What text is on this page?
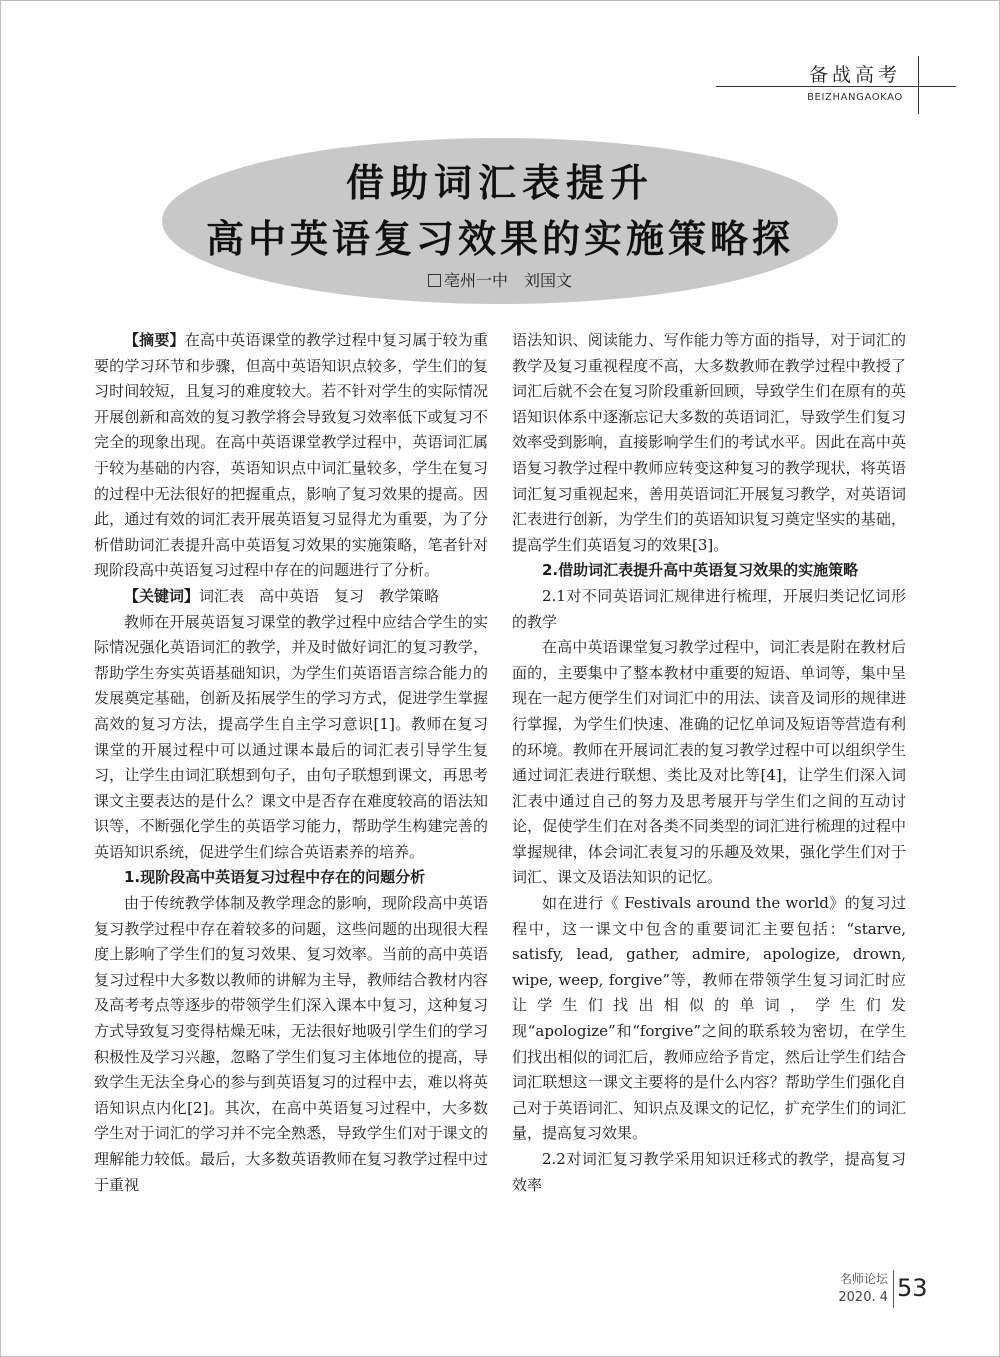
备战高考
BEIZHANGAOKAO
借助词汇表提升
高中英语复习效果的实施策略探
亳州一中　刘国文

【摘要】在高中英语课堂的教学过程中复习属于较为重要的学习环节和步骤，但高中英语知识点较多，学生们的复习时间较短，且复习的难度较大。若不针对学生的实际情况开展创新和高效的复习教学将会导致复习效率低下或复习不完全的现象出现。在高中英语课堂教学过程中，英语词汇属于较为基础的内容，英语知识点中词汇量较多，学生在复习的过程中无法很好的把握重点，影响了复习效果的提高。因此，通过有效的词汇表开展英语复习显得尤为重要，为了分析借助词汇表提升高中英语复习效果的实施策略，笔者针对现阶段高中英语复习过程中存在的问题进行了分析。

【关键词】词汇表　高中英语　复习　教学策略

教师在开展英语复习课堂的教学过程中应结合学生的实际情况强化英语词汇的教学，并及时做好词汇的复习教学，帮助学生夯实英语基础知识，为学生们英语语言综合能力的发展奠定基础，创新及拓展学生的学习方式，促进学生掌握高效的复习方法，提高学生自主学习意识[1]。教师在复习课堂的开展过程中可以通过课本最后的词汇表引导学生复习，让学生由词汇联想到句子，由句子联想到课文，再思考课文主要表达的是什么？课文中是否存在难度较高的语法知识等，不断强化学生的英语学习能力，帮助学生构建完善的英语知识系统，促进学生们综合英语素养的培养。

1.现阶段高中英语复习过程中存在的问题分析

由于传统教学体制及教学理念的影响，现阶段高中英语复习教学过程中存在着较多的问题，这些问题的出现很大程度上影响了学生们的复习效果、复习效率。当前的高中英语复习过程中大多数以教师的讲解为主导，教师结合教材内容及高考考点等逐步的带领学生们深入课本中复习，这种复习方式导致复习变得枯燥无味，无法很好地吸引学生们的学习积极性及学习兴趣，忽略了学生们复习主体地位的提高，导致学生无法全身心的参与到英语复习的过程中去，难以将英语知识点内化[2]。其次，在高中英语复习过程中，大多数学生对于词汇的学习并不完全熟悉，导致学生们对于课文的理解能力较低。最后，大多数英语教师在复习教学过程中过于重视

语法知识、阅读能力、写作能力等方面的指导，对于词汇的教学及复习重视程度不高，大多数教师在教学过程中教授了词汇后就不会在复习阶段重新回顾，导致学生们在原有的英语知识体系中逐渐忘记大多数的英语词汇，导致学生们复习效率受到影响，直接影响学生们的考试水平。因此在高中英语复习教学过程中教师应转变这种复习的教学现状，将英语词汇复习重视起来，善用英语词汇开展复习教学，对英语词汇表进行创新，为学生们的英语知识复习奠定坚实的基础，提高学生们英语复习的效果[3]。

2.借助词汇表提升高中英语复习效果的实施策略
2.1对不同英语词汇规律进行梳理，开展归类记忆词形的教学

在高中英语课堂复习教学过程中，词汇表是附在教材后面的，主要集中了整本教材中重要的短语、单词等，集中呈现在一起方便学生们对词汇中的用法、读音及词形的规律进行掌握，为学生们快速、准确的记忆单词及短语等营造有利的环境。教师在开展词汇表的复习教学过程中可以组织学生通过词汇表进行联想、类比及对比等[4]，让学生们深入词汇表中通过自己的努力及思考展开与学生们之间的互动讨论，促使学生们在对各类不同类型的词汇进行梳理的过程中掌握规律，体会词汇表复习的乐趣及效果，强化学生们对于词汇、课文及语法知识的记忆。

如在进行《 Festivals around the world》的复习过程中，这一课文中包含的重要词汇主要包括：“starve, satisfy, lead, gather, admire, apologize, drown, wipe, weep, forgive”等，教师在带领学生复习词汇时应让学生们找出相似的单词，学生们发现“apologize”和“forgive”之间的联系较为密切，在学生们找出相似的词汇后，教师应给予肯定，然后让学生们结合词汇联想这一课文主要将的是什么内容？帮助学生们强化自己对于英语词汇、知识点及课文的记忆，扩充学生们的词汇量，提高复习效果。

2.2对词汇复习教学采用知识迁移式的教学，提高复习效率
名师论坛
2020. 4 53
